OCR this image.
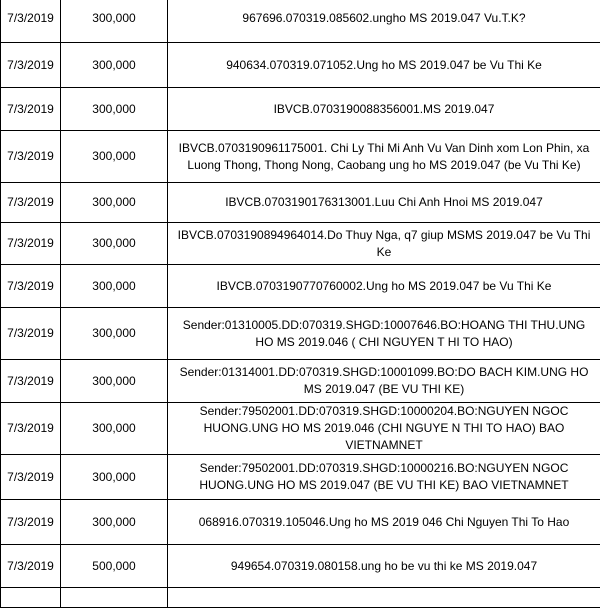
7/3/2019	300,000	967696.070319.085602.ungho MS 2019.047 Vu.T.K?
7/3/2019	300,000	940634.070319.071052.Ung ho MS 2019.047 be Vu Thi Ke
7/3/2019	300,000	IBVCB.0703190088356001.MS 2019.047
7/3/2019	300,000	IBVCB.0703190961175001. Chi Ly Thi Mi Anh Vu Van Dinh xom Lon Phin, xa Luong Thong, Thong Nong, Caobang ung ho MS 2019.047 (be Vu Thi Ke)
7/3/2019	300,000	IBVCB.0703190176313001.Luu Chi Anh Hnoi MS 2019.047
7/3/2019	300,000	IBVCB.0703190894964014.Do Thuy Nga, q7 giup MSMS 2019.047 be Vu Thi Ke
7/3/2019	300,000	IBVCB.0703190770760002.Ung ho MS 2019.047 be Vu Thi Ke
7/3/2019	300,000	Sender:01310005.DD:070319.SHGD:10007646.BO:HOANG THI THU.UNG HO MS 2019.046 ( CHI NGUYEN T HI TO HAO)
7/3/2019	300,000	Sender:01314001.DD:070319.SHGD:10001099.BO:DO BACH KIM.UNG HO MS 2019.047 (BE VU THI KE)
7/3/2019	300,000	Sender:79502001.DD:070319.SHGD:10000204.BO:NGUYEN NGOC HUONG.UNG HO MS 2019.046 (CHI NGUYE N THI TO HAO) BAO VIETNAMNET
7/3/2019	300,000	Sender:79502001.DD:070319.SHGD:10000216.BO:NGUYEN NGOC HUONG.UNG HO MS 2019.047 (BE VU THI KE) BAO VIETNAMNET
7/3/2019	300,000	068916.070319.105046.Ung ho MS 2019 046 Chi Nguyen Thi To Hao
7/3/2019	500,000	949654.070319.080158.ung ho be vu thi ke MS 2019.047
